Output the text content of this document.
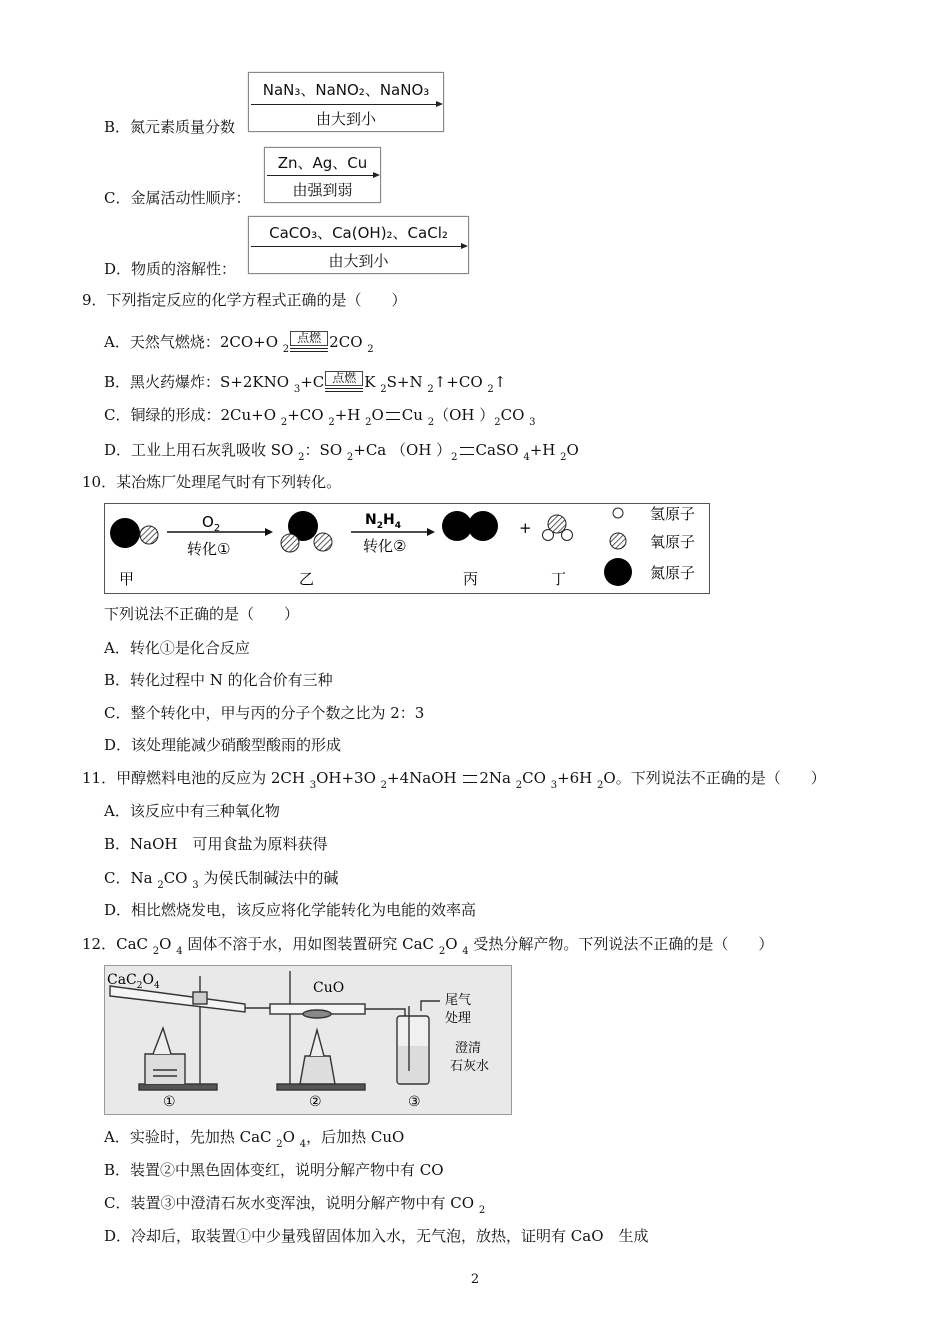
B．氮元素质量分数
NaN₃、NaNO₂、NaNO₃
由大到小
C．金属活动性顺序：
Zn、Ag、Cu
由强到弱
D．物质的溶解性：
CaCO₃、Ca(OH)₂、CaCl₂
由大到小
9．下列指定反应的化学方程式正确的是（　　）
A．天然气燃烧：2CO+O $_2$
点燃 2CO $_2$
B．黑火药爆炸：S+2KNO $_3$+C 点燃 K $_2$S+N $_2$↑+CO $_2$↑
C．铜绿的形成：2Cu+O $_2$+CO $_2$+H $_2$O Cu $_2$（OH ）$_2CO$ $_3$
D．工业上用石灰乳吸收 SO $_2$：SO $_2$+Ca （OH ）$_2$ CaSO $_4$+H $_2$O
10．某冶炼厂处理尾气时有下列转化。
$O_2$
转化①
$N_2H_4$
转化②
+
甲	乙	丙	丁
氢原子
氧原子
氮原子
下列说法不正确的是（　　）
A．转化①是化合反应
B．转化过程中 N 的化合价有三种
C．整个转化中，甲与丙的分子个数之比为 2：3
D．该处理能减少硝酸型酸雨的形成
11．甲醇燃料电池的反应为 2CH $_3$OH+3O $_2$+4NaOH 2Na $_2$CO $_3$+6H $_2$O。下列说法不正确的是（　　）
A．该反应中有三种氧化物
B．NaOH　可用食盐为原料获得
C．Na $_2$CO $_3$ 为侯氏制碱法中的碱
D．相比燃烧发电，该反应将化学能转化为电能的效率高
12．CaC $_2$O $_4$ 固体不溶于水，用如图装置研究 CaC $_2$O $_4$ 受热分解产物。下列说法不正确的是（　　）
$CaC_2O_4$	CuO
尾气
处理
澄清
石灰水
①	②	③
A．实验时，先加热 CaC $_2$O $_4$，后加热 CuO
B．装置②中黑色固体变红，说明分解产物中有 CO
C．装置③中澄清石灰水变浑浊，说明分解产物中有 CO $_2$
D．冷却后，取装置①中少量残留固体加入水，无气泡，放热，证明有 CaO　生成
2
